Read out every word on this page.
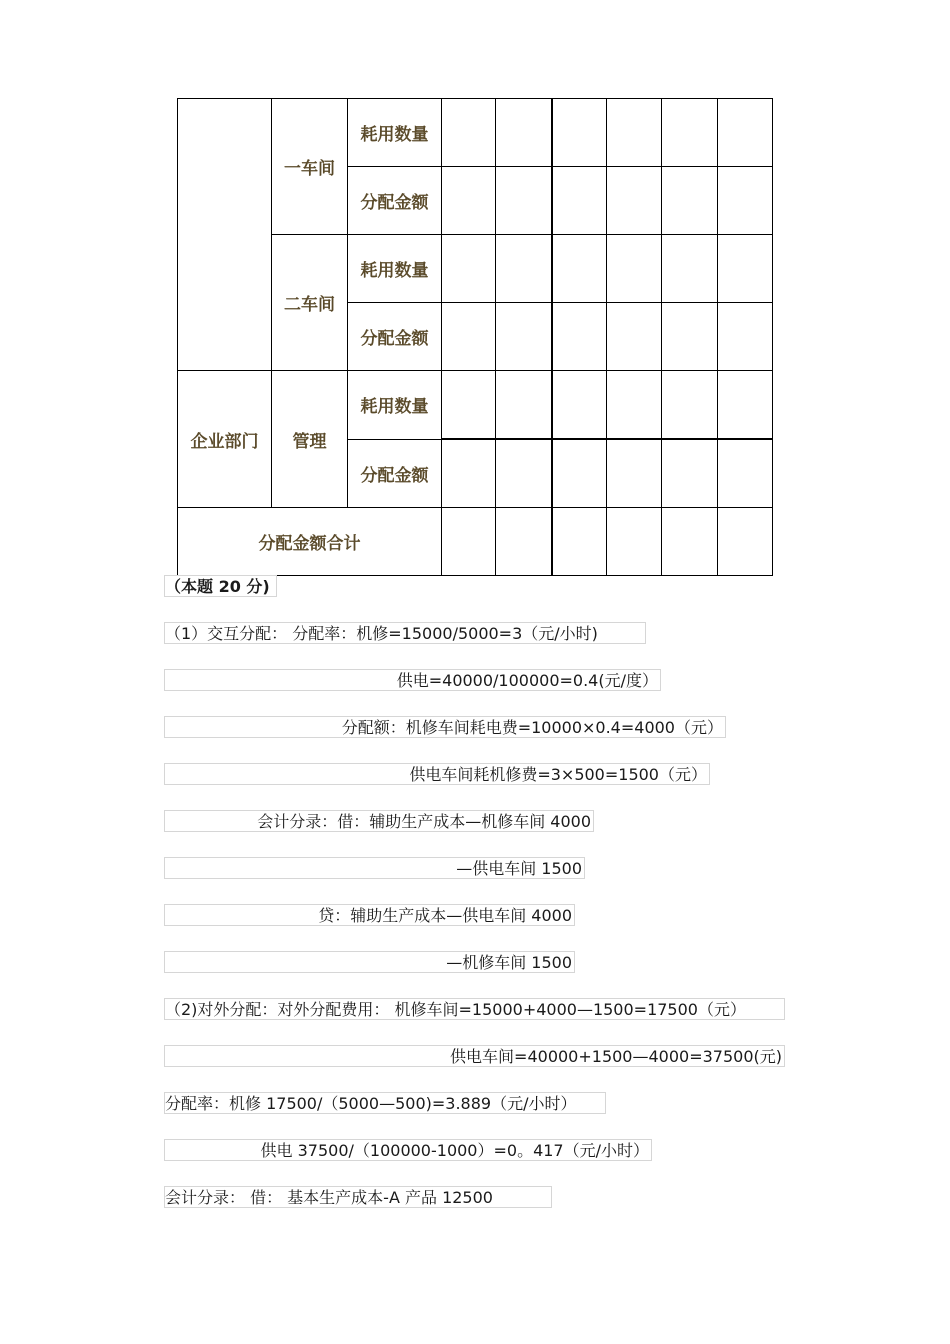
	一车间	耗用数量						
		分配金额						
	二车间	耗用数量						
		分配金额						
企业部门	管理	耗用数量						
		分配金额						
分配金额合计								
（本题 20 分)
（1）交互分配： 分配率：机修=15000/5000=3（元/小时)
供电=40000/100000=0.4(元/度）
分配额：机修车间耗电费=10000×0.4=4000（元）
供电车间耗机修费=3×500=1500（元）
会计分录：借：辅助生产成本—机修车间 4000
—供电车间 1500
贷：辅助生产成本—供电车间 4000
—机修车间 1500
（2)对外分配：对外分配费用： 机修车间=15000+4000—1500=17500（元）
供电车间=40000+1500—4000=37500(元)
分配率：机修 17500/（5000—500)=3.889（元/小时）
供电 37500/（100000-1000）=0。417（元/小时）
会计分录： 借： 基本生产成本-A 产品 12500
